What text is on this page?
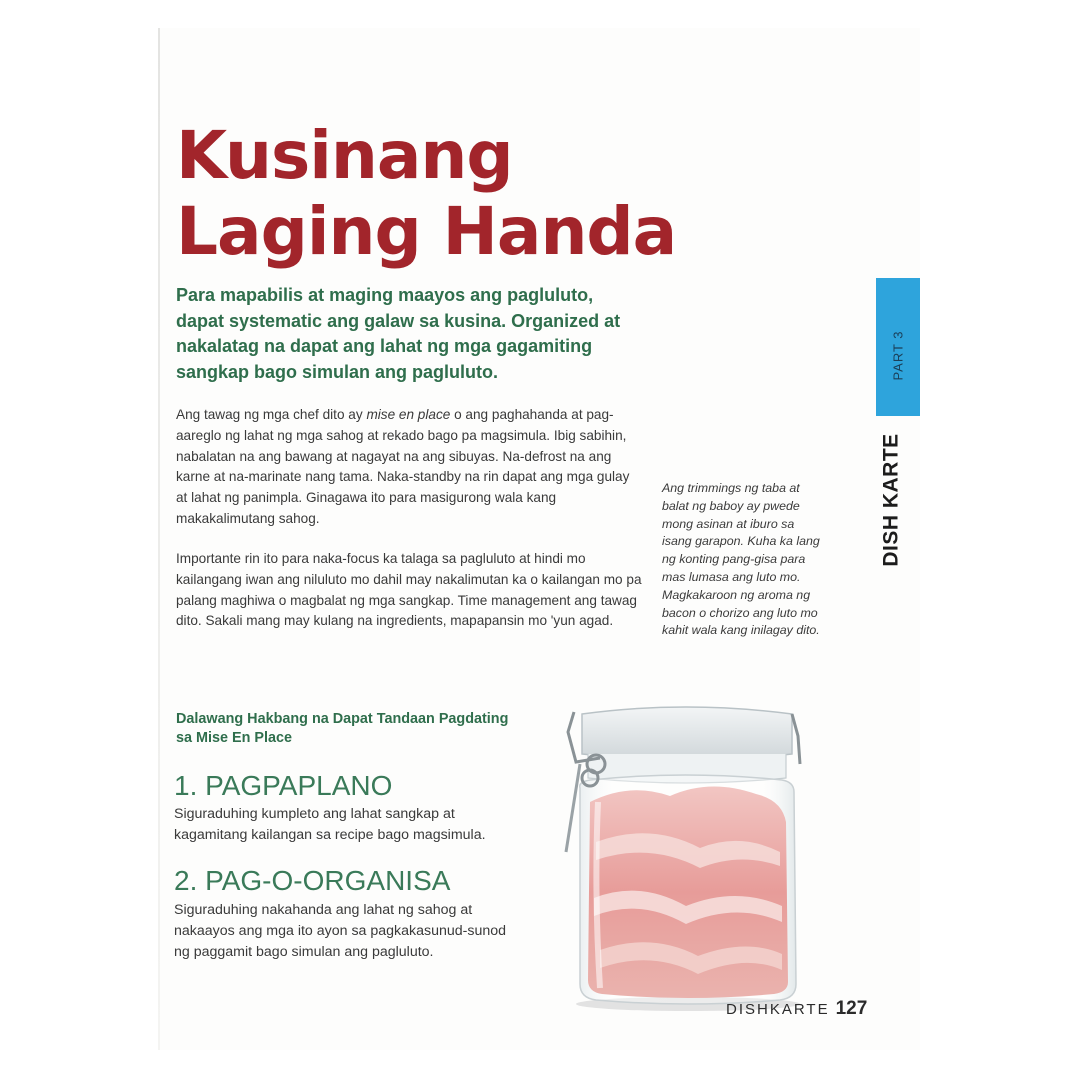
Kusinang
Laging Handa

Para mapabilis at maging maayos ang pagluluto, dapat systematic ang galaw sa kusina. Organized at nakalatag na dapat ang lahat ng mga gagamiting sangkap bago simulan ang pagluluto.

Ang tawag ng mga chef dito ay mise en place o ang paghahanda at pag-aareglo ng lahat ng mga sahog at rekado bago pa magsimula. Ibig sabihin, nabalatan na ang bawang at nagayat na ang sibuyas. Na-defrost na ang karne at na-marinate nang tama. Naka-standby na rin dapat ang mga gulay at lahat ng panimpla. Ginagawa ito para masigurong wala kang makakalimutang sahog.

Importante rin ito para naka-focus ka talaga sa pagluluto at hindi mo kailangang iwan ang niluluto mo dahil may nakalimutan ka o kailangan mo pa palang maghiwa o magbalat ng mga sangkap. Time management ang tawag dito. Sakali mang may kulang na ingredients, mapapansin mo 'yun agad.

Ang trimmings ng taba at balat ng baboy ay pwede mong asinan at iburo sa isang garapon. Kuha ka lang ng konting pang-gisa para mas lumasa ang luto mo. Magkakaroon ng aroma ng bacon o chorizo ang luto mo kahit wala kang inilagay dito.

PART 3
DISH KARTE
Dalawang Hakbang na Dapat Tandaan Pagdating sa Mise En Place
1. PAGPAPLANO

Siguraduhing kumpleto ang lahat sangkap at kagamitang kailangan sa recipe bago magsimula.

2. PAG-O-ORGANISA

Siguraduhing nakahanda ang lahat ng sahog at nakaayos ang mga ito ayon sa pagkakasunud-sunod ng paggamit bago simulan ang pagluluto.

DISHKARTE 127
